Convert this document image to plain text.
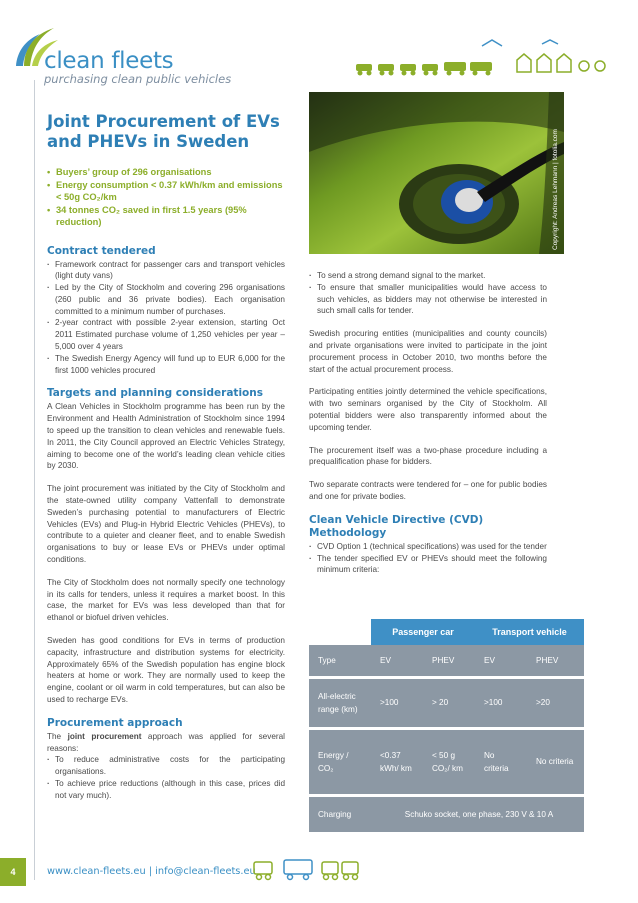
clean fleets
purchasing clean public vehicles
Copyright: Andreas Lehmann | fotolia.com
Joint Procurement of EVs and PHEVs in Sweden
• Buyers’ group of 296 organisations
• Energy consumption < 0.37 kWh/km and emissions < 50g CO₂/km
• 34 tonnes CO₂ saved in first 1.5 years (95% reduction)
Contract tendered
· Framework contract for passenger cars and transport vehicles (light duty vans)
· Led by the City of Stockholm and covering 296 organisations (260 public and 36 private bodies). Each organisation committed to a minimum number of purchases.
· 2-year contract with possible 2-year extension, starting Oct 2011 Estimated purchase volume of 1,250 vehicles per year – 5,000 over 4 years
· The Swedish Energy Agency will fund up to EUR 6,000 for the first 1000 vehicles procured
Targets and planning considerations

A Clean Vehicles in Stockholm programme has been run by the Environment and Health Administration of Stockholm since 1994 to speed up the transition to clean vehicles and renewable fuels. In 2011, the City Council approved an Electric Vehicles Strategy, aiming to become one of the world’s leading clean vehicle cities by 2030.

The joint procurement was initiated by the City of Stockholm and the state-owned utility company Vattenfall to demonstrate Sweden’s purchasing potential to manufacturers of Electric Vehicles (EVs) and Plug-in Hybrid Electric Vehicles (PHEVs), to contribute to a quieter and cleaner fleet, and to enable Swedish organisations to buy or lease EVs or PHEVs under optimal conditions.

The City of Stockholm does not normally specify one technology in its calls for tenders, unless it requires a market boost. In this case, the market for EVs was less developed than that for ethanol or biofuel driven vehicles.

Sweden has good conditions for EVs in terms of production capacity, infrastructure and distribution systems for electricity. Approximately 65% of the Swedish population has engine block heaters at home or work. They are normally used to keep the engine, coolant or oil warm in cold temperatures, but can also be used to recharge EVs.

Procurement approach

The joint procurement approach was applied for several reasons:

· To reduce administrative costs for the participating organisations.
· To achieve price reductions (although in this case, prices did not vary much).
· To send a strong demand signal to the market.
· To ensure that smaller municipalities would have access to such vehicles, as bidders may not otherwise be interested in such small calls for tender.

Swedish procuring entities (municipalities and county councils) and private organisations were invited to participate in the joint procurement process in October 2010, two months before the start of the actual procurement process.

Participating entities jointly determined the vehicle specifications, with two seminars organised by the City of Stockholm. All potential bidders were also transparently informed about the upcoming tender.

The procurement itself was a two-phase procedure including a prequalification phase for bidders.

Two separate contracts were tendered for – one for public bodies and one for private bodies.

Clean Vehicle Directive (CVD) Methodology
· CVD Option 1 (technical specifications) was used for the tender
· The tender specified EV or PHEVs should meet the following minimum criteria:
	Passenger car		Transport vehicle	
Type	EV	PHEV	EV	PHEV
All-electric range (km)	>100	> 20	>100	>20
Energy / CO₂	<0.37 kWh/ km	< 50 g CO₂/ km	No criteria	No criteria
Charging	Schuko socket, one phase, 230 V & 10 A			
4	www.clean-fleets.eu | info@clean-fleets.eu
